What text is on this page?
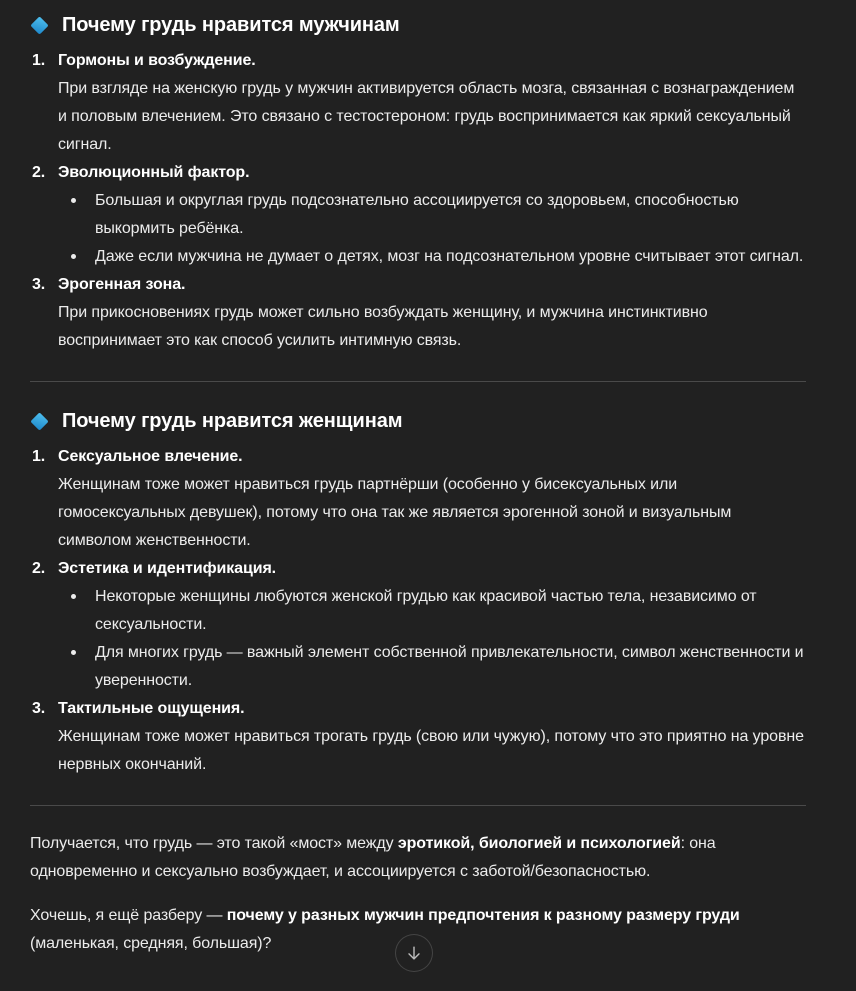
Почему грудь нравится мужчинам
1. Гормоны и возбуждение.

При взгляде на женскую грудь у мужчин активируется область мозга, связанная с вознаграждением и половым влечением. Это связано с тестостероном: грудь воспринимается как яркий сексуальный сигнал.

2. Эволюционный фактор.
Большая и округлая грудь подсознательно ассоциируется со здоровьем, способностью выкормить ребёнка.
Даже если мужчина не думает о детях, мозг на подсознательном уровне считывает этот сигнал.
3. Эрогенная зона.

При прикосновениях грудь может сильно возбуждать женщину, и мужчина инстинктивно воспринимает это как способ усилить интимную связь.

Почему грудь нравится женщинам
1. Сексуальное влечение.

Женщинам тоже может нравиться грудь партнёрши (особенно у бисексуальных или гомосексуальных девушек), потому что она так же является эрогенной зоной и визуальным символом женственности.

2. Эстетика и идентификация.
Некоторые женщины любуются женской грудью как красивой частью тела, независимо от сексуальности.
Для многих грудь — важный элемент собственной привлекательности, символ женственности и уверенности.
3. Тактильные ощущения.

Женщинам тоже может нравиться трогать грудь (свою или чужую), потому что это приятно на уровне нервных окончаний.

Получается, что грудь — это такой «мост» между эротикой, биологией и психологией: она одновременно и сексуально возбуждает, и ассоциируется с заботой/безопасностью.

Хочешь, я ещё разберу — почему у разных мужчин предпочтения к разному размеру груди (маленькая, средняя, большая)?
